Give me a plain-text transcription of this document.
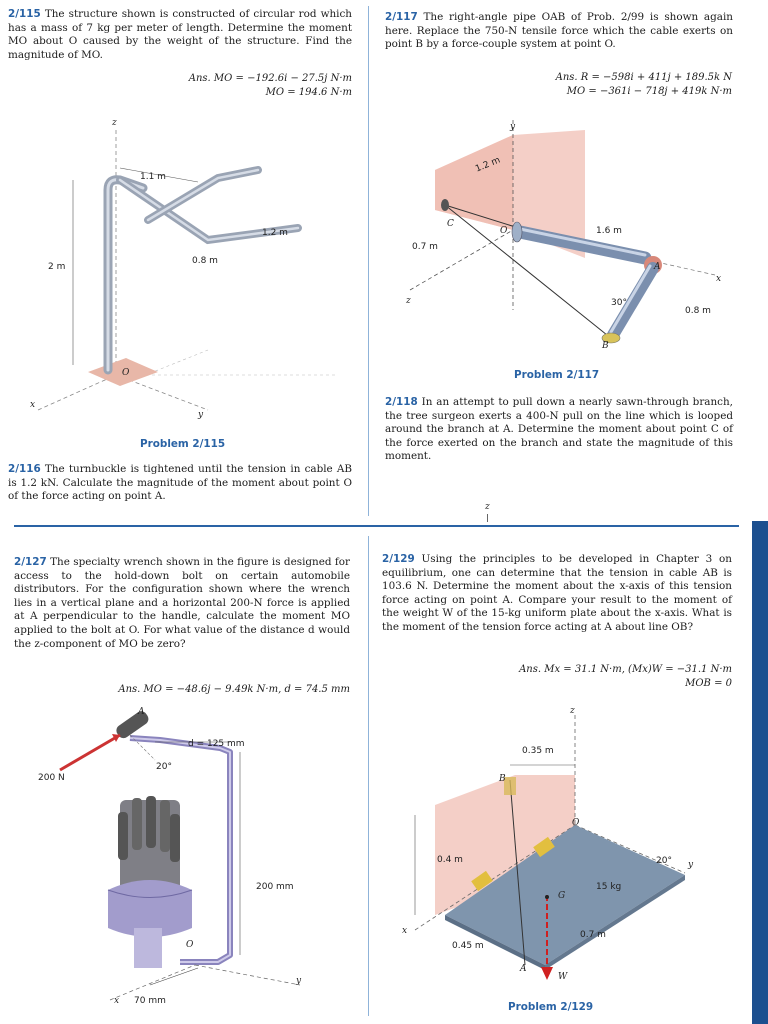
2/115 The structure shown is constructed of circular rod which has a mass of 7 kg per meter of length. Determine the moment MO about O caused by the weight of the structure. Find the magnitude of MO.
Ans. MO = −192.6i − 27.5j N·m
MO = 194.6 N·m
z
x
y
O
1.1 m
1.2 m
0.8 m
2 m
Problem 2/115
2/116 The turnbuckle is tightened until the tension in cable AB is 1.2 kN. Calculate the magnitude of the moment about point O of the force acting on point A.
2/117 The right-angle pipe OAB of Prob. 2/99 is shown again here. Replace the 750-N tensile force which the cable exerts on point B by a force-couple system at point O.
Ans. R = −598i + 411j + 189.5k N
MO = −361i − 718j + 419k N·m
y
z
x
C
O
A
B
1.2 m
1.6 m
0.7 m
0.8 m
30°
Problem 2/117
2/118 In an attempt to pull down a nearly sawn-through branch, the tree surgeon exerts a 400-N pull on the line which is looped around the branch at A. Determine the moment about point C of the force exerted on the branch and state the magnitude of this moment.
z
2/127 The specialty wrench shown in the figure is designed for access to the hold-down bolt on certain automobile distributors. For the configuration shown where the wrench lies in a vertical plane and a horizontal 200-N force is applied at A perpendicular to the handle, calculate the moment MO applied to the bolt at O. For what value of the distance d would the z-component of MO be zero?
Ans. MO = −48.6j − 9.49k N·m, d = 74.5 mm
A
d = 125 mm
20°
200 N
200 mm
O
x
y
70 mm
2/129 Using the principles to be developed in Chapter 3 on equilibrium, one can determine that the tension in cable AB is 103.6 N. Determine the moment about the x-axis of this tension force acting on point A. Compare your result to the moment of the weight W of the 15-kg uniform plate about the x-axis. What is the moment of the tension force acting at A about line OB?
Ans. Mx = 31.1 N·m, (Mx)W = −31.1 N·m
MOB = 0
z
0.35 m
B
O
0.4 m
G
15 kg
20° y
x	0.7 m
0.45 m
A
W
Problem 2/129
